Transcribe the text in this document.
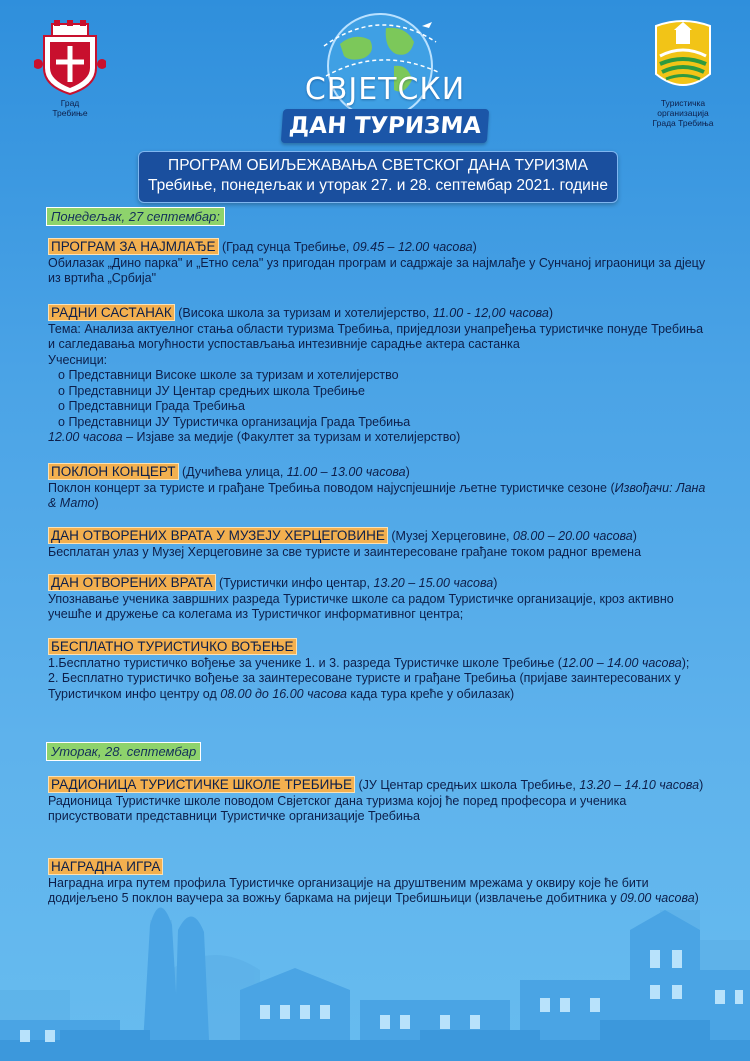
Град
Требиње
Туристичка
организација
Града Требиња
СВЈЕТСКИ
ДАН ТУРИЗМА
ПРОГРАМ ОБИЉЕЖАВАЊА СВЕТСКОГ ДАНА ТУРИЗМА
Требиње, понедељак и уторак 27. и 28. септембар 2021. године
Понедељак, 27 септембар:
ПРОГРАМ ЗА НАЈМЛАЂЕ (Град сунца Требиње, 09.45 – 12.00 часова)
Обилазак „Дино парка" и „Етно села" уз пригодан програм и садржаје за најмлађе у Сунчаној играоници за дјецу из вртића „Србија"
РАДНИ САСТАНАК (Висока школа за туризам и хотелијерство, 11.00 - 12,00 часова)
Тема: Анализа актуелног стања области туризма Требиња, приједлози унапређења туристичке понуде Требиња и сагледавања могућности успостављања интезивније сарадње актера састанка
Учесници:
o Представници Високе школе за туризам и хотелијерство
o Представници ЈУ Центар средњих школа Требиње
o Представници Града Требиња
o Представници ЈУ Туристичка организација Града Требиња
12.00 часова – Изјаве за медије (Факултет за туризам и хотелијерство)
ПОКЛОН КОНЦЕРТ (Дучићева улица, 11.00 – 13.00 часова)
Поклон концерт за туристе и грађане Требиња поводом најуспјешније љетне туристичке сезоне (Извођачи: Лана & Мато)
ДАН ОТВОРЕНИХ ВРАТА У МУЗЕЈУ ХЕРЦЕГОВИНЕ (Музеј Херцеговине, 08.00 – 20.00 часова)
Бесплатан улаз у Музеј Херцеговине за све туристе и заинтересоване грађане током радног времена
ДАН ОТВОРЕНИХ ВРАТА (Туристички инфо центар, 13.20 – 15.00 часова)
Упознавање ученика завршних разреда Туристичке школе са радом Туристичке организације, кроз активно учешће и дружење са колегама из Туристичког информативног центра;
БЕСПЛАТНО ТУРИСТИЧКО ВОЂЕЊЕ
1.Бесплатно туристичко вођење за ученике 1. и 3. разреда Туристичке школе Требиње (12.00 – 14.00 часова);
2. Бесплатно туристичко вођење за заинтересоване туристе и грађане Требиња (пријаве заинтересованих у Туристичком инфо центру од 08.00 до 16.00 часова када тура креће у обилазак)
Уторак, 28. септембар
РАДИОНИЦА ТУРИСТИЧКЕ ШКОЛЕ ТРЕБИЊЕ (ЈУ Центар средњих школа Требиње, 13.20 – 14.10 часова)
Радионица Туристичке школе поводом Свјетског дана туризма којој ће поред професора и ученика присуствовати представници Туристичке организације Требиња
НАГРАДНА ИГРА
Наградна игра путем профила Туристичке организације на друштвеним мрежама у оквиру које ће бити додијељено 5 поклон ваучера за вожњу баркама на ријеци Требишњици (извлачење добитника у 09.00 часова)
